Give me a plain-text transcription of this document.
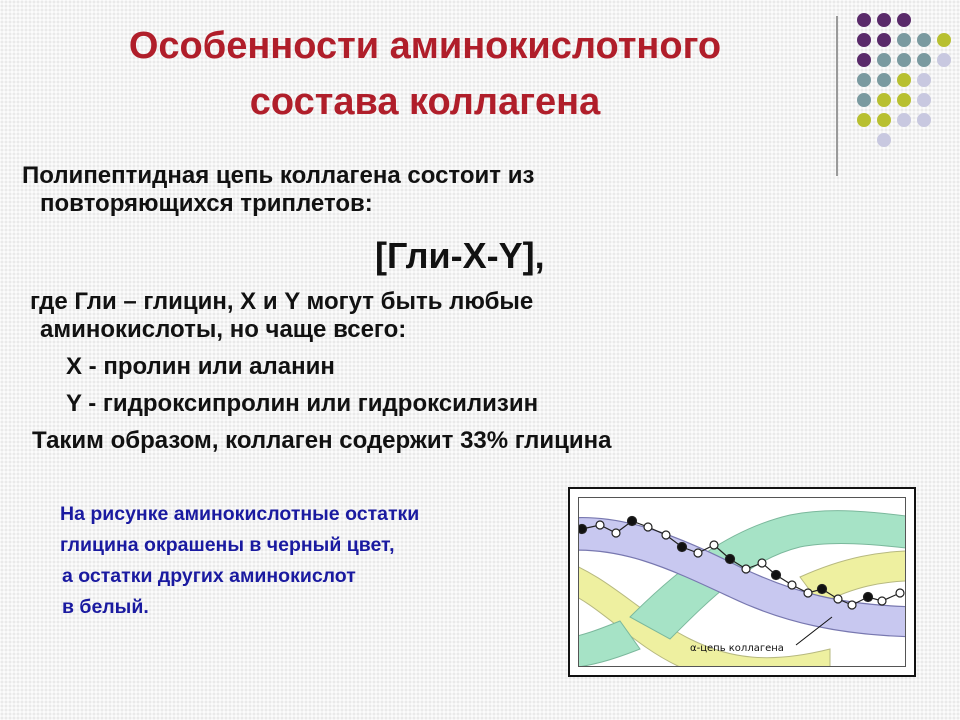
Особенности аминокислотного
состава коллагена
Полипептидная цепь коллагена состоит из
повторяющихся триплетов:
[Гли-X-Y],
где Гли – глицин, X и Y могут быть любые
аминокислоты, но чаще всего:
X - пролин или аланин
Y - гидроксипролин или гидроксилизин
Таким образом, коллаген содержит 33% глицина
На рисунке аминокислотные остатки
глицина окрашены в черный цвет,
а остатки других аминокислот
в белый.
α-цепь коллагена
